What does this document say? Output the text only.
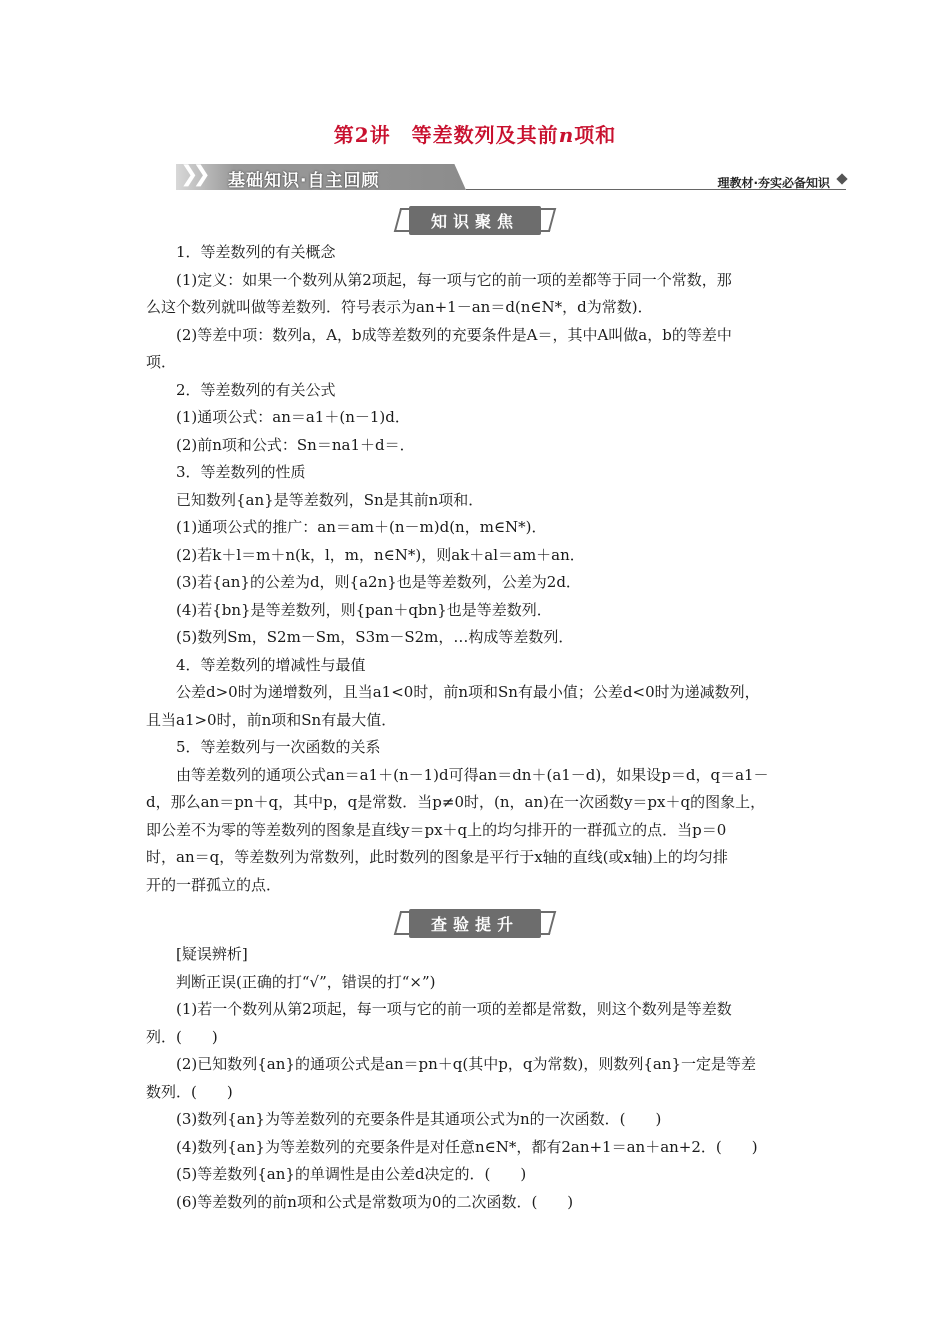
第2讲　等差数列及其前n项和
❯❯ 基础知识·自主回顾	理教材·夯实必备知识
知识聚焦

1．等差数列的有关概念

(1)定义：如果一个数列从第2项起，每一项与它的前一项的差都等于同一个常数，那

么这个数列就叫做等差数列．符号表示为an+1－an＝d(n∈N*，d为常数)．

(2)等差中项：数列a，A，b成等差数列的充要条件是A＝，其中A叫做a，b的等差中

项．

2．等差数列的有关公式

(1)通项公式：an＝a1＋(n－1)d．

(2)前n项和公式：Sn＝na1＋d＝．

3．等差数列的性质

已知数列{an}是等差数列，Sn是其前n项和．

(1)通项公式的推广：an＝am＋(n－m)d(n，m∈N*)．

(2)若k＋l＝m＋n(k，l，m，n∈N*)，则ak＋al＝am＋an．

(3)若{an}的公差为d，则{a2n}也是等差数列，公差为2d．

(4)若{bn}是等差数列，则{pan＋qbn}也是等差数列．

(5)数列Sm，S2m－Sm，S3m－S2m，…构成等差数列．

4．等差数列的增减性与最值

公差d>0时为递增数列，且当a1<0时，前n项和Sn有最小值；公差d<0时为递减数列，

且当a1>0时，前n项和Sn有最大值．

5．等差数列与一次函数的关系

由等差数列的通项公式an＝a1＋(n－1)d可得an＝dn＋(a1－d)，如果设p＝d，q＝a1－

d，那么an＝pn＋q，其中p，q是常数．当p≠0时，(n，an)在一次函数y＝px＋q的图象上，

即公差不为零的等差数列的图象是直线y＝px＋q上的均匀排开的一群孤立的点．当p＝0

时，an＝q，等差数列为常数列，此时数列的图象是平行于x轴的直线(或x轴)上的均匀排

开的一群孤立的点．

查验提升

[疑误辨析]

判断正误(正确的打“√”，错误的打“×”)

(1)若一个数列从第2项起，每一项与它的前一项的差都是常数，则这个数列是等差数

列．(　　)

(2)已知数列{an}的通项公式是an＝pn＋q(其中p，q为常数)，则数列{an}一定是等差

数列．(　　)

(3)数列{an}为等差数列的充要条件是其通项公式为n的一次函数．(　　)

(4)数列{an}为等差数列的充要条件是对任意n∈N*，都有2an+1＝an＋an+2．(　　)

(5)等差数列{an}的单调性是由公差d决定的．(　　)

(6)等差数列的前n项和公式是常数项为0的二次函数．(　　)
